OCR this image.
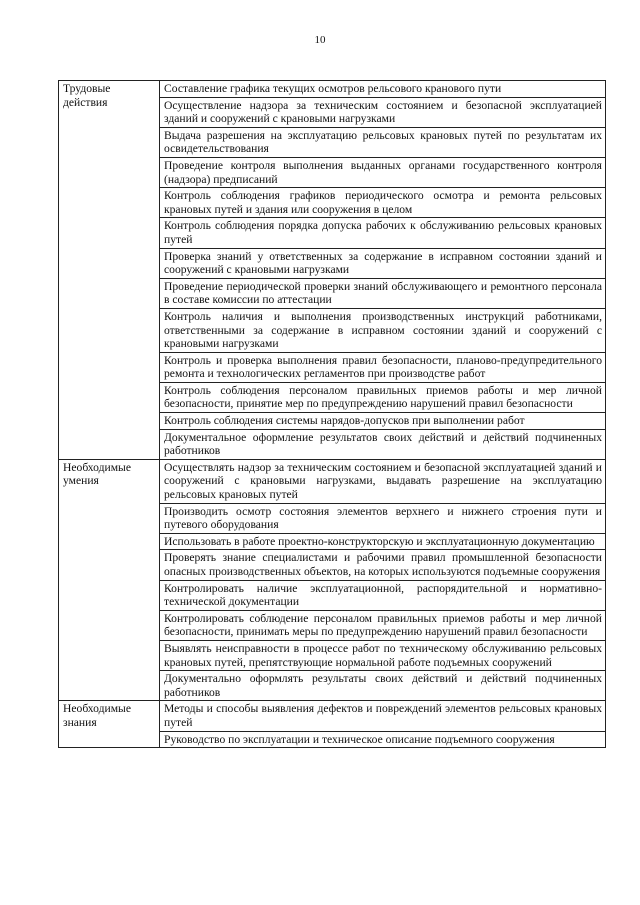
10
Трудовые действия	Составление графика текущих осмотров рельсового кранового пути
	Осуществление надзора за техническим состоянием и безопасной эксплуатацией зданий и сооружений с крановыми нагрузками
	Выдача разрешения на эксплуатацию рельсовых крановых путей по результатам их освидетельствования
	Проведение контроля выполнения выданных органами государственного контроля (надзора) предписаний
	Контроль соблюдения графиков периодического осмотра и ремонта рельсовых крановых путей и здания или сооружения в целом
	Контроль соблюдения порядка допуска рабочих к обслуживанию рельсовых крановых путей
	Проверка знаний у ответственных за содержание в исправном состоянии зданий и сооружений с крановыми нагрузками
	Проведение периодической проверки знаний обслуживающего и ремонтного персонала в составе комиссии по аттестации
	Контроль наличия и выполнения производственных инструкций работниками, ответственными за содержание в исправном состоянии зданий и сооружений с крановыми нагрузками
	Контроль и проверка выполнения правил безопасности, планово-предупредительного ремонта и технологических регламентов при производстве работ
	Контроль соблюдения персоналом правильных приемов работы и мер личной безопасности, принятие мер по предупреждению нарушений правил безопасности
	Контроль соблюдения системы нарядов-допусков при выполнении работ
	Документальное оформление результатов своих действий и действий подчиненных работников
Необходимые умения	Осуществлять надзор за техническим состоянием и безопасной эксплуатацией зданий и сооружений с крановыми нагрузками, выдавать разрешение на эксплуатацию рельсовых крановых путей
	Производить осмотр состояния элементов верхнего и нижнего строения пути и путевого оборудования
	Использовать в работе проектно-конструкторскую и эксплуатационную документацию
	Проверять знание специалистами и рабочими правил промышленной безопасности опасных производственных объектов, на которых используются подъемные сооружения
	Контролировать наличие эксплуатационной, распорядительной и нормативно-технической документации
	Контролировать соблюдение персоналом правильных приемов работы и мер личной безопасности, принимать меры по предупреждению нарушений правил безопасности
	Выявлять неисправности в процессе работ по техническому обслуживанию рельсовых крановых путей, препятствующие нормальной работе подъемных сооружений
	Документально оформлять результаты своих действий и действий подчиненных работников
Необходимые знания	Методы и способы выявления дефектов и повреждений элементов рельсовых крановых путей
	Руководство по эксплуатации и техническое описание подъемного сооружения
